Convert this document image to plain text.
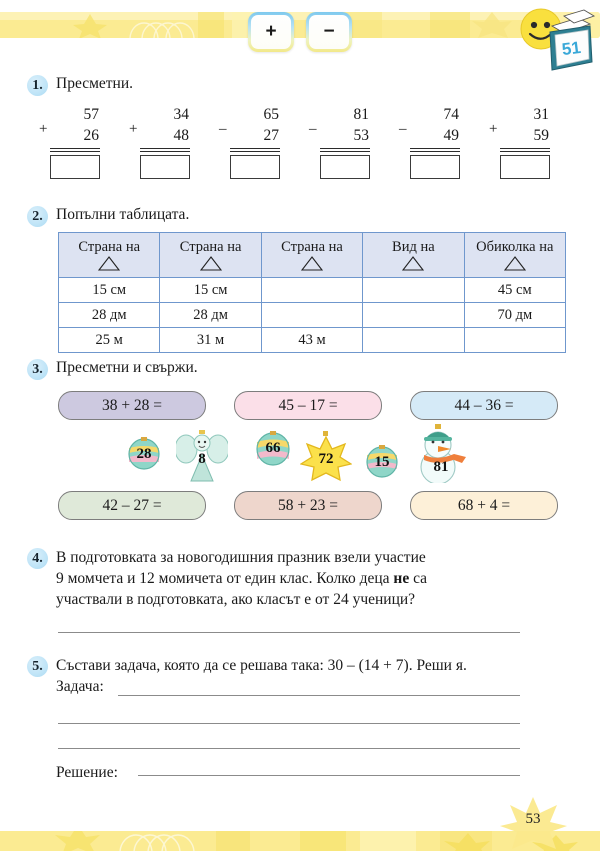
+	−
51
1. Пресметни.
+
57
26	+
34
48	–
65
27	–
81
53	–
74
49	+
31
59
2. Попълни таблицата.
Страна на	Страна на	Страна на	Вид на	Обиколка на

15 см	15 см			45 см
28 дм	28 дм			70 дм
25 м	31 м	43 м		
3. Пресметни и свържи.
38 + 28 =	45 – 17 =	44 – 36 =
28	8
66
72	15	81
42 – 27 =	58 + 23 =	68 + 4 =
4. В подготовката за новогодишния празник взели участие
9 момчета и 12 момичета от един клас. Колко деца не са
участвали в подготовката, ако класът е от 24 ученици?
5. Състави задача, която да се решава така: 30 – (14 + 7). Реши я.
Задача:
Решение:
53
